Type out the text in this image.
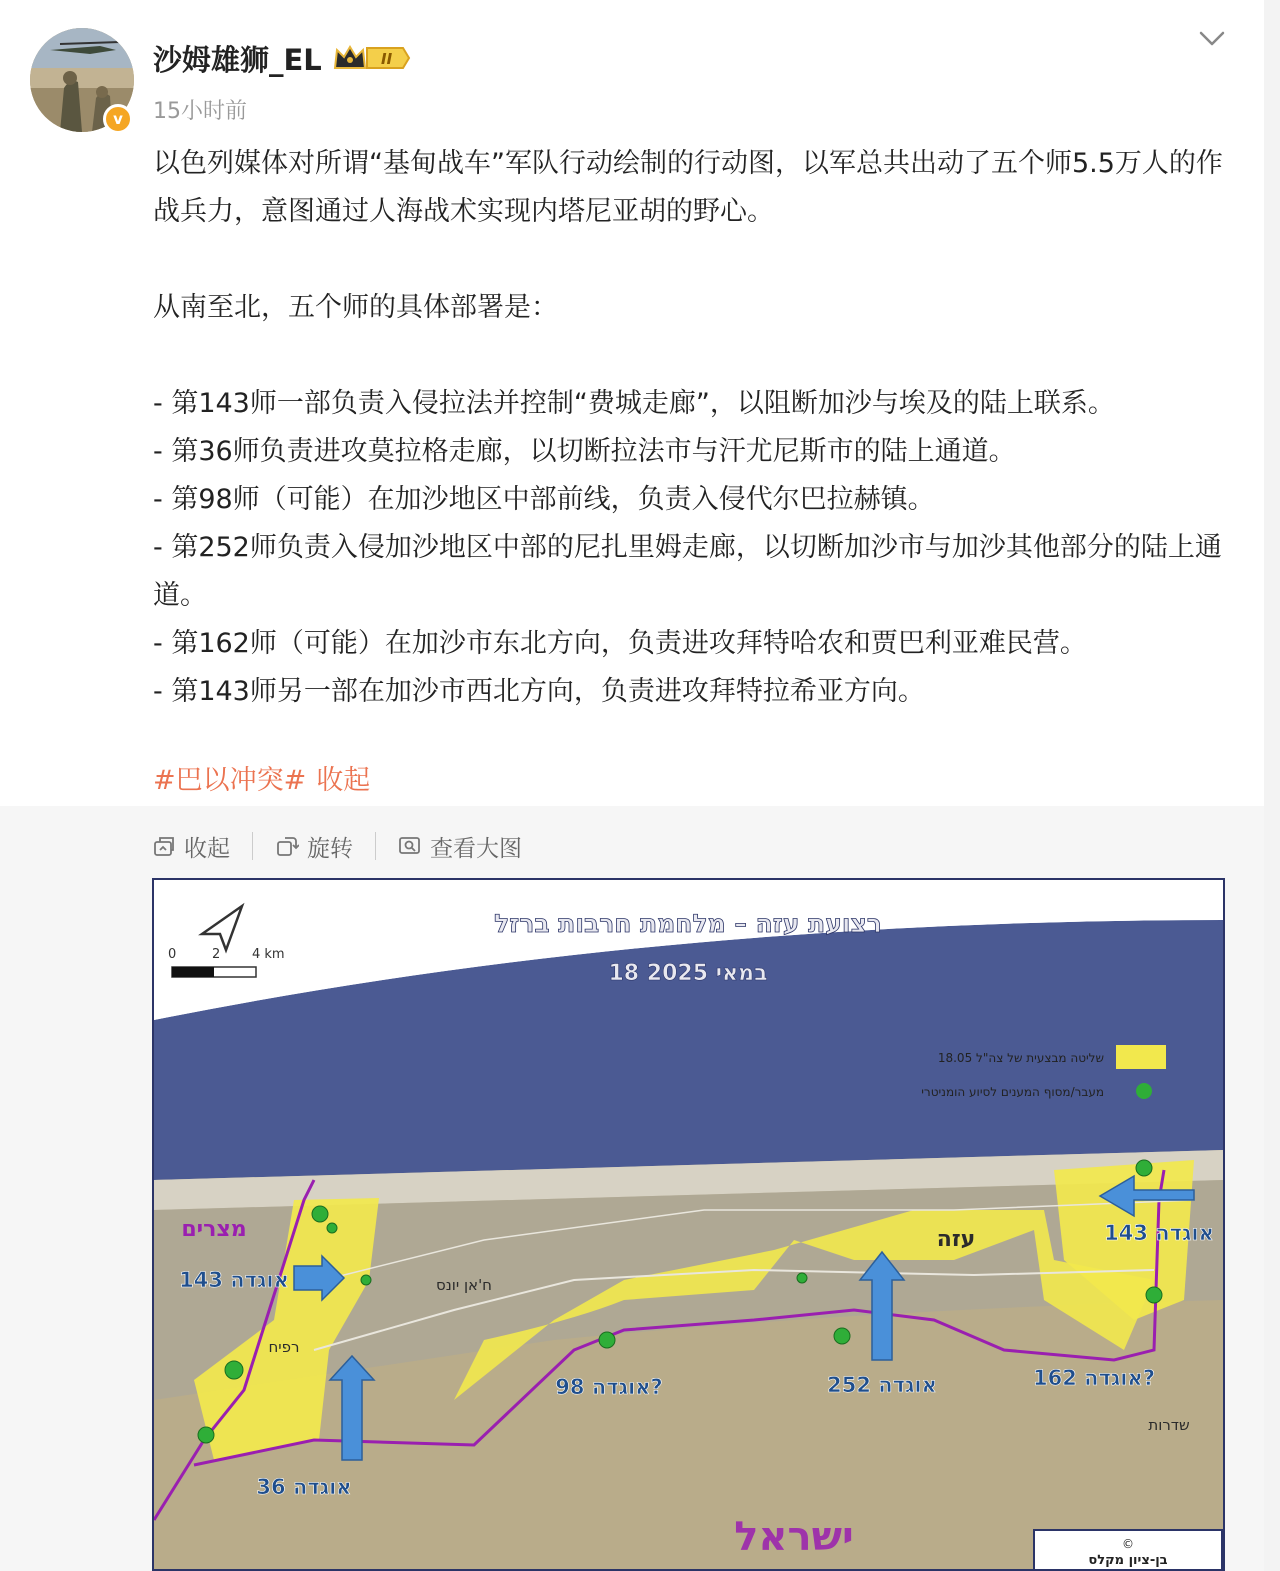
v
沙姆雄狮_EL	II
15小时前

以色列媒体对所谓“基甸战车”军队行动绘制的行动图，以军总共出动了五个师5.5万人的作战兵力，意图通过人海战术实现内塔尼亚胡的野心。

从南至北，五个师的具体部署是：

- 第143师一部负责入侵拉法并控制“费城走廊”，以阻断加沙与埃及的陆上联系。

- 第36师负责进攻莫拉格走廊，以切断拉法市与汗尤尼斯市的陆上通道。

- 第98师（可能）在加沙地区中部前线，负责入侵代尔巴拉赫镇。

- 第252师负责入侵加沙地区中部的尼扎里姆走廊，以切断加沙市与加沙其他部分的陆上通道。

- 第162师（可能）在加沙市东北方向，负责进攻拜特哈农和贾巴利亚难民营。

- 第143师另一部在加沙市西北方向，负责进攻拜特拉希亚方向。

#巴以冲突# 收起
收起	旋转	查看大图
0	2 4 km
רצועת עזה – מלחמת חרבות ברזל
18 במאי 2025
שליטה מבצעית של צה"ל 18.05
מעבר/מסוף המענים לסיוע הומניטרי
מצרים	עזה
רפיח
ח'אן יונס
שדרות
ישראל
143 אוגדה
36 אוגדה
אוגדה 98?	אוגדה 252	אוגדה 162?
אוגדה 143
©
בן-ציון מקלס
